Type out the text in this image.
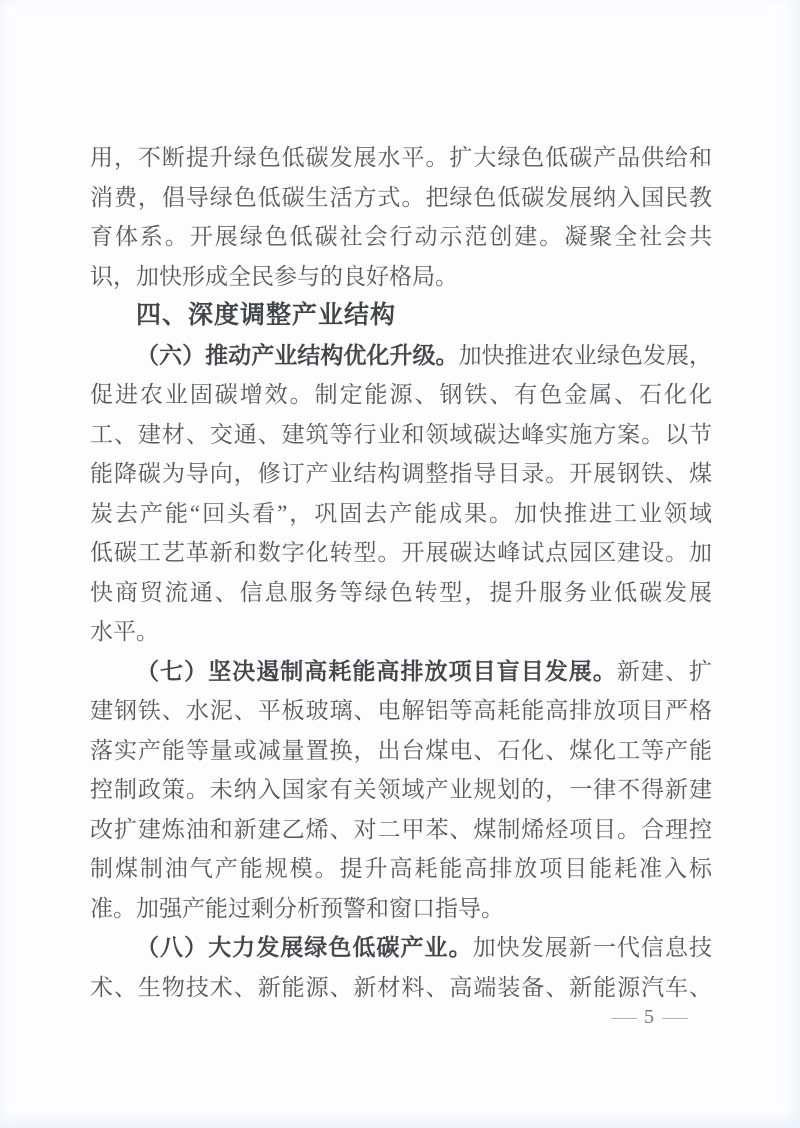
用，不断提升绿色低碳发展水平。扩大绿色低碳产品供给和
消费，倡导绿色低碳生活方式。把绿色低碳发展纳入国民教
育体系。开展绿色低碳社会行动示范创建。凝聚全社会共
识，加快形成全民参与的良好格局。
四、深度调整产业结构
（六）推动产业结构优化升级。加快推进农业绿色发展，
促进农业固碳增效。制定能源、钢铁、有色金属、石化化
工、建材、交通、建筑等行业和领域碳达峰实施方案。以节
能降碳为导向，修订产业结构调整指导目录。开展钢铁、煤
炭去产能“回头看”，巩固去产能成果。加快推进工业领域
低碳工艺革新和数字化转型。开展碳达峰试点园区建设。加
快商贸流通、信息服务等绿色转型，提升服务业低碳发展
水平。
（七）坚决遏制高耗能高排放项目盲目发展。新建、扩
建钢铁、水泥、平板玻璃、电解铝等高耗能高排放项目严格
落实产能等量或减量置换，出台煤电、石化、煤化工等产能
控制政策。未纳入国家有关领域产业规划的，一律不得新建
改扩建炼油和新建乙烯、对二甲苯、煤制烯烃项目。合理控
制煤制油气产能规模。提升高耗能高排放项目能耗准入标
准。加强产能过剩分析预警和窗口指导。
（八）大力发展绿色低碳产业。加快发展新一代信息技
术、生物技术、新能源、新材料、高端装备、新能源汽车、
— 5 —
